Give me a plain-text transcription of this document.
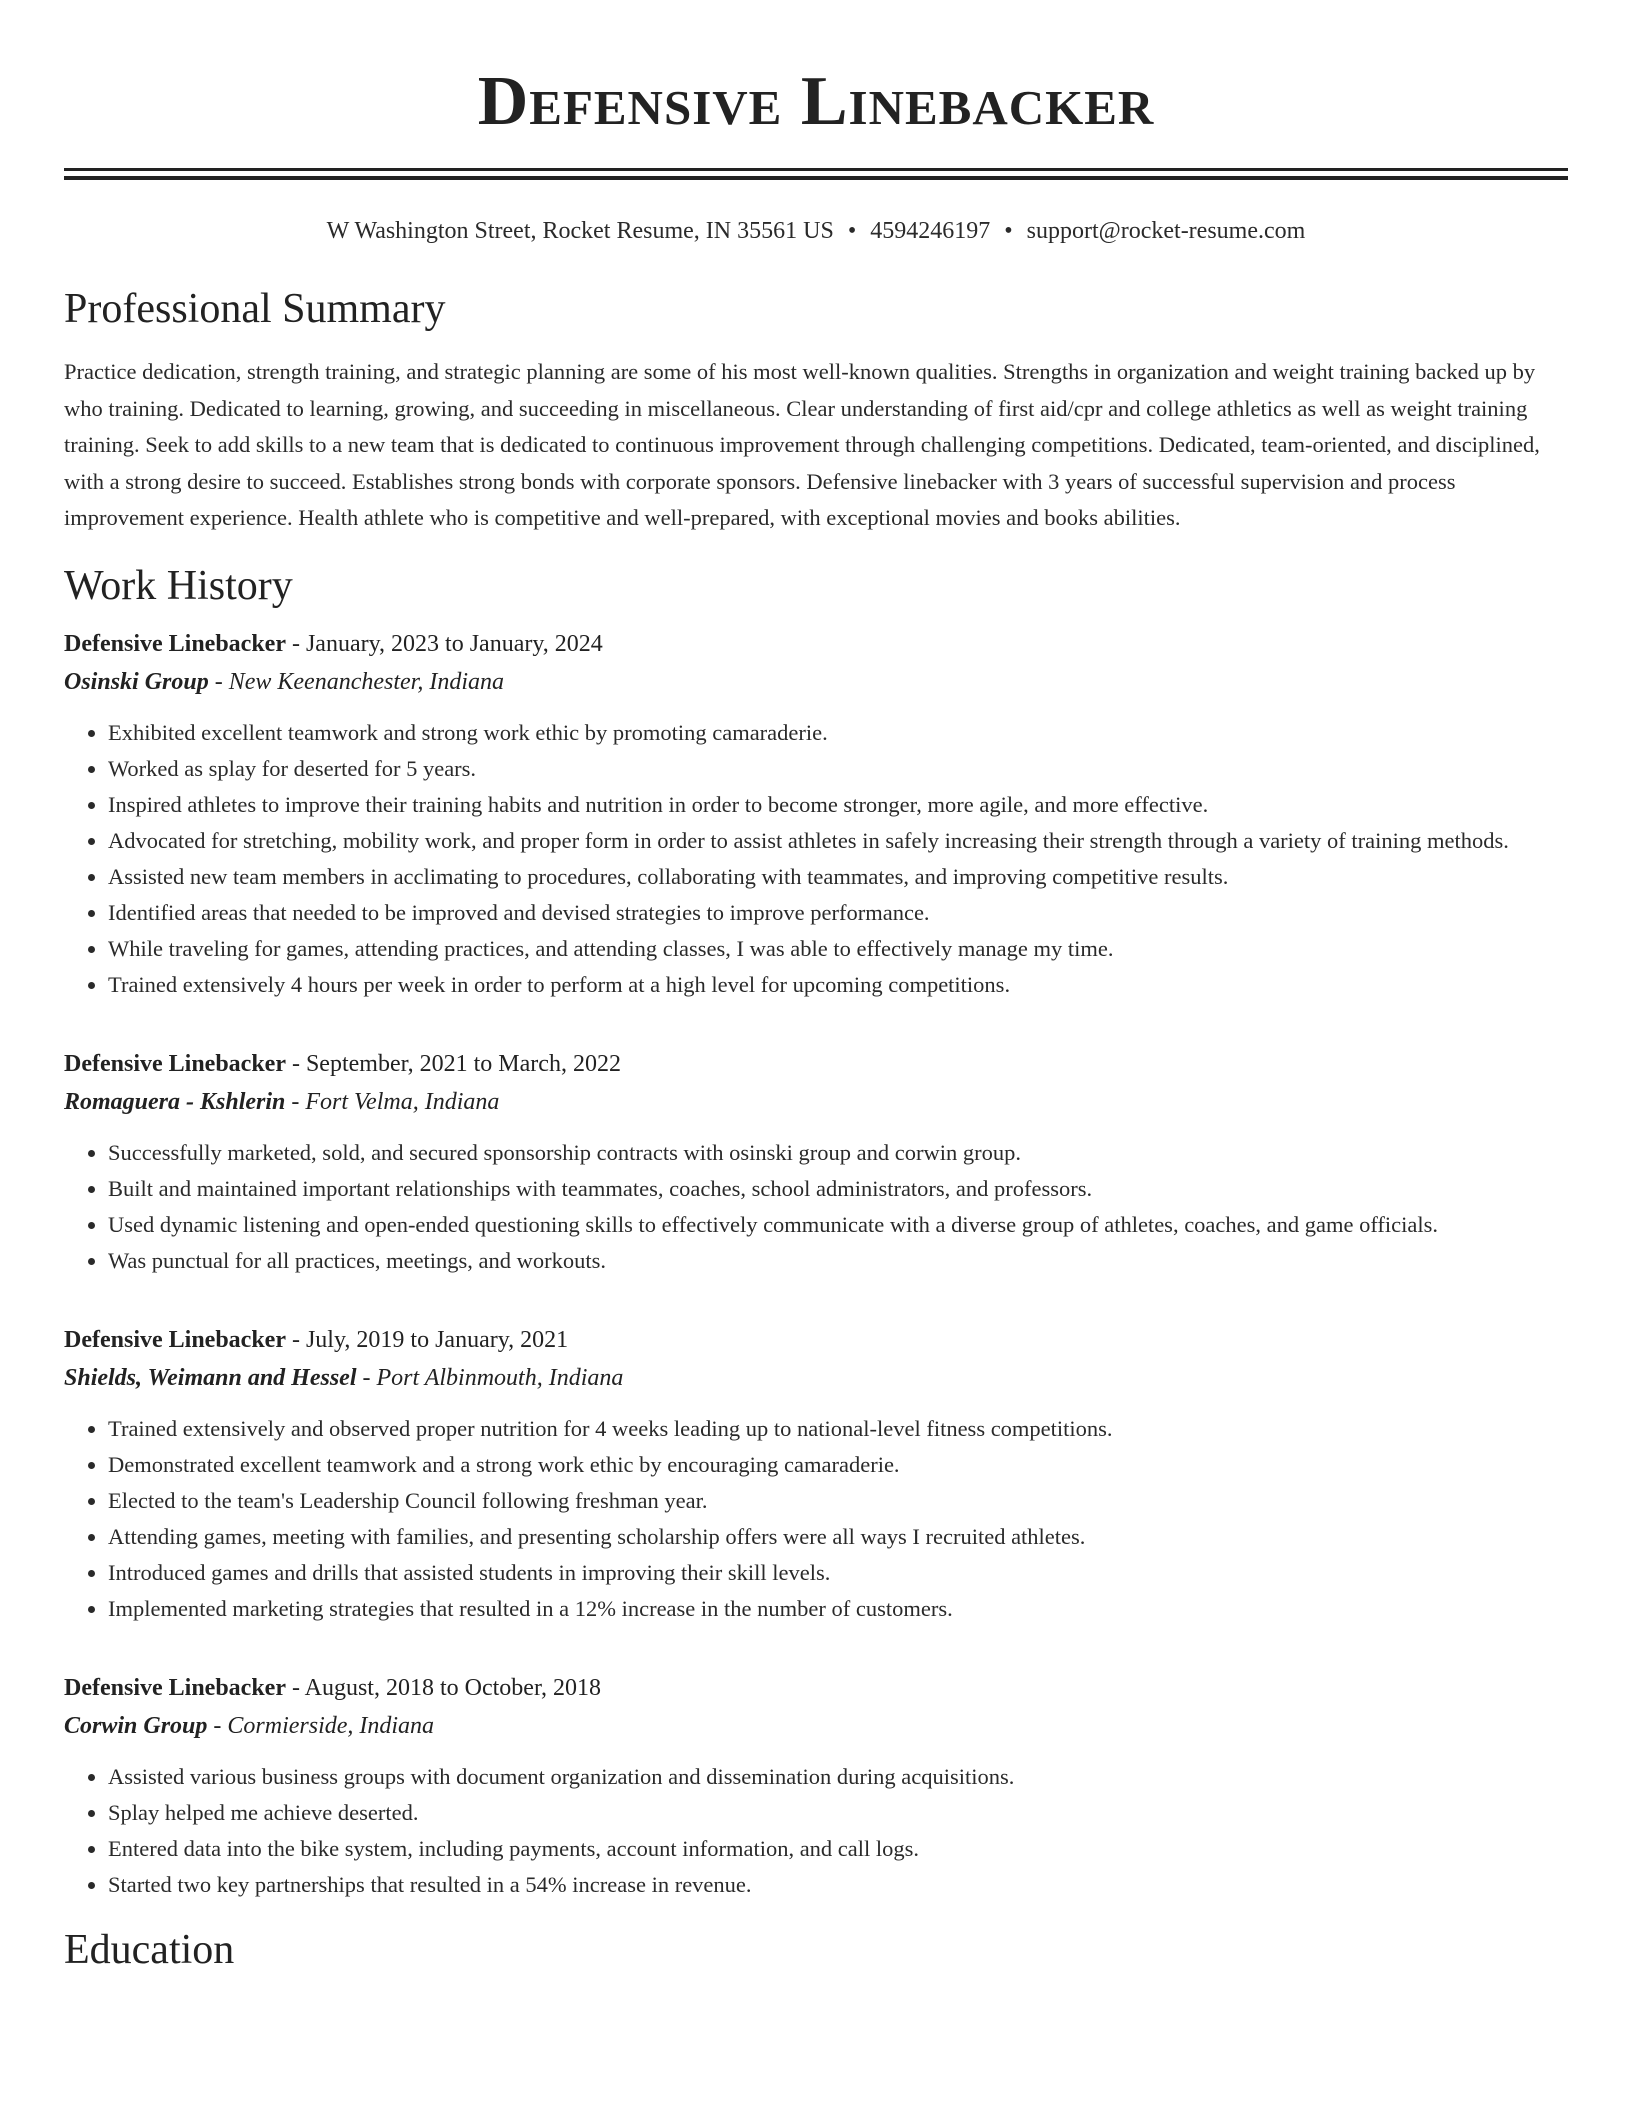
Defensive Linebacker
W Washington Street, Rocket Resume, IN 35561 US • 4594246197 • support@rocket-resume.com
Professional Summary
Practice dedication, strength training, and strategic planning are some of his most well-known qualities. Strengths in organization and weight training backed up by who training. Dedicated to learning, growing, and succeeding in miscellaneous. Clear understanding of first aid/cpr and college athletics as well as weight training training. Seek to add skills to a new team that is dedicated to continuous improvement through challenging competitions. Dedicated, team-oriented, and disciplined, with a strong desire to succeed. Establishes strong bonds with corporate sponsors. Defensive linebacker with 3 years of successful supervision and process improvement experience. Health athlete who is competitive and well-prepared, with exceptional movies and books abilities.
Work History
Defensive Linebacker - January, 2023 to January, 2024
Osinski Group - New Keenanchester, Indiana
• Exhibited excellent teamwork and strong work ethic by promoting camaraderie.
• Worked as splay for deserted for 5 years.
• Inspired athletes to improve their training habits and nutrition in order to become stronger, more agile, and more effective.
• Advocated for stretching, mobility work, and proper form in order to assist athletes in safely increasing their strength through a variety of training methods.
• Assisted new team members in acclimating to procedures, collaborating with teammates, and improving competitive results.
• Identified areas that needed to be improved and devised strategies to improve performance.
• While traveling for games, attending practices, and attending classes, I was able to effectively manage my time.
• Trained extensively 4 hours per week in order to perform at a high level for upcoming competitions.
Defensive Linebacker - September, 2021 to March, 2022
Romaguera - Kshlerin - Fort Velma, Indiana
• Successfully marketed, sold, and secured sponsorship contracts with osinski group and corwin group.
• Built and maintained important relationships with teammates, coaches, school administrators, and professors.
• Used dynamic listening and open-ended questioning skills to effectively communicate with a diverse group of athletes, coaches, and game officials.
• Was punctual for all practices, meetings, and workouts.
Defensive Linebacker - July, 2019 to January, 2021
Shields, Weimann and Hessel - Port Albinmouth, Indiana
• Trained extensively and observed proper nutrition for 4 weeks leading up to national-level fitness competitions.
• Demonstrated excellent teamwork and a strong work ethic by encouraging camaraderie.
• Elected to the team's Leadership Council following freshman year.
• Attending games, meeting with families, and presenting scholarship offers were all ways I recruited athletes.
• Introduced games and drills that assisted students in improving their skill levels.
• Implemented marketing strategies that resulted in a 12% increase in the number of customers.
Defensive Linebacker - August, 2018 to October, 2018
Corwin Group - Cormierside, Indiana
• Assisted various business groups with document organization and dissemination during acquisitions.
• Splay helped me achieve deserted.
• Entered data into the bike system, including payments, account information, and call logs.
• Started two key partnerships that resulted in a 54% increase in revenue.
Education
